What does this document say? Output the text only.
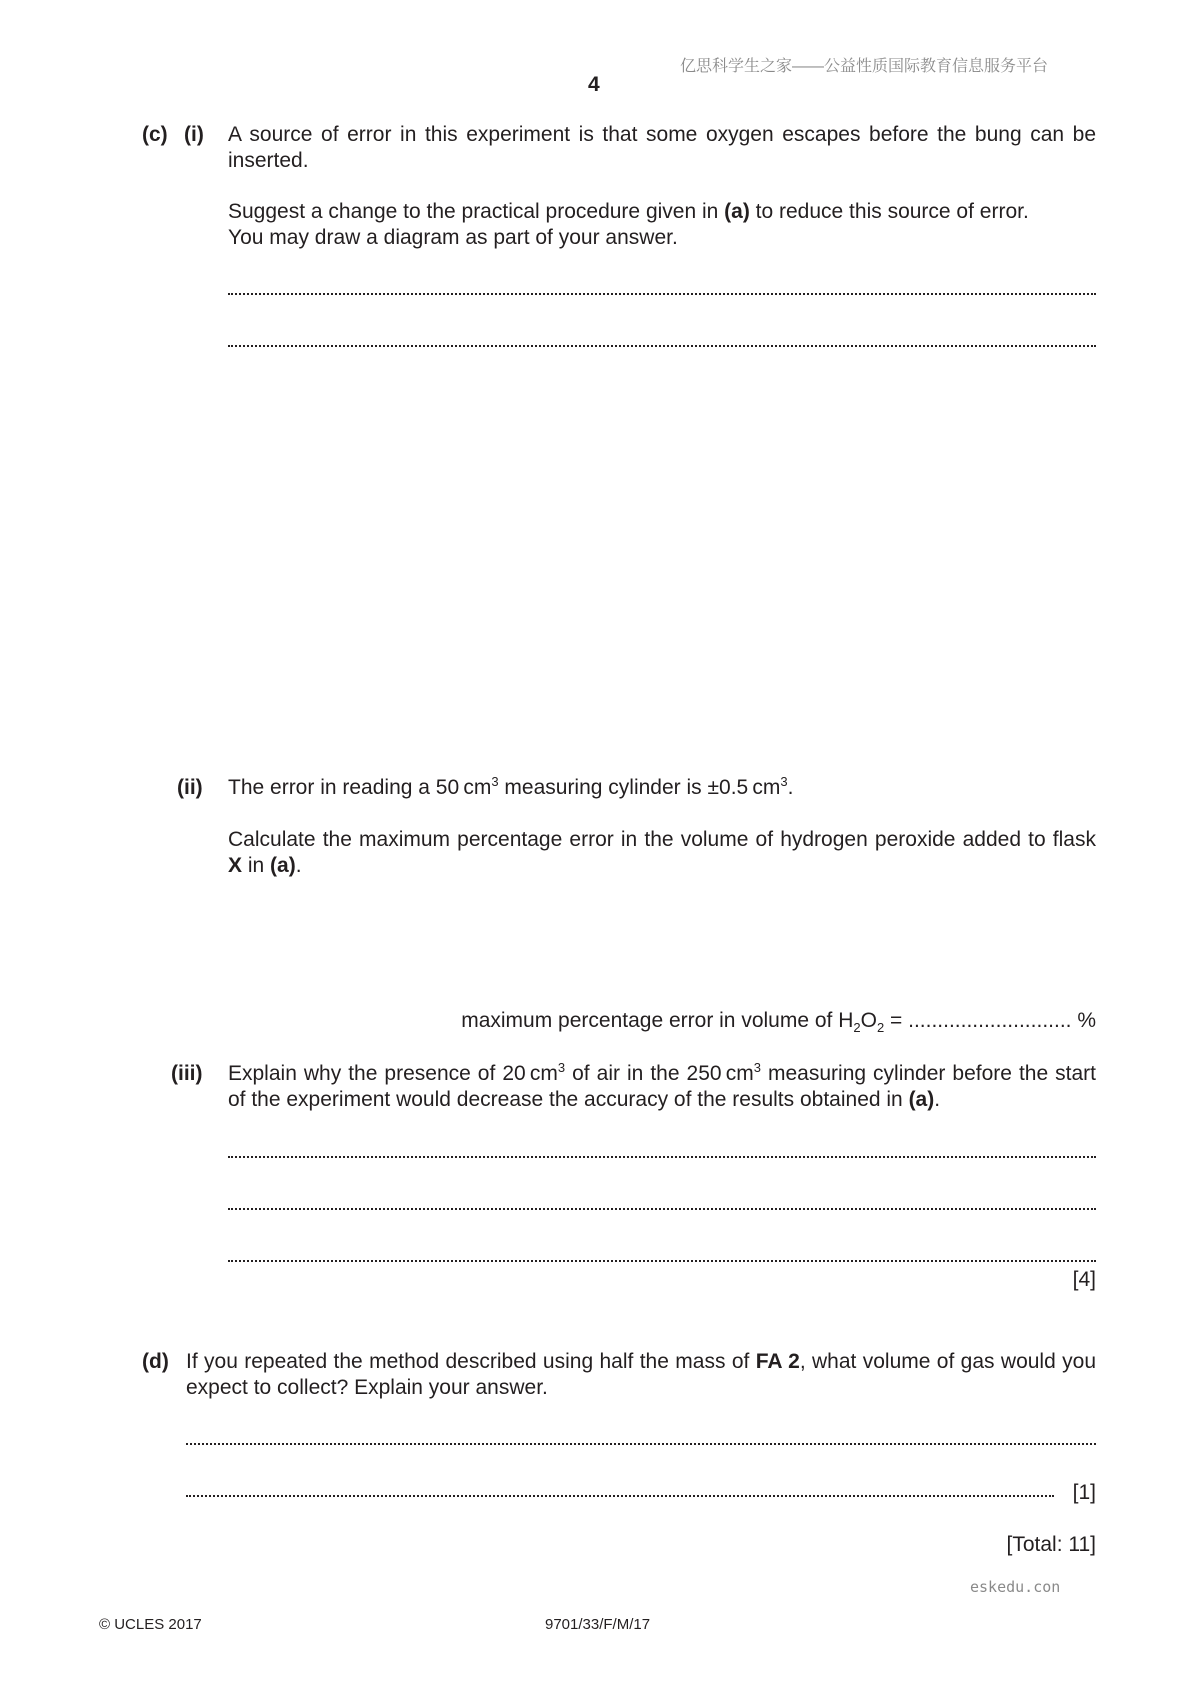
亿思科学生之家——公益性质国际教育信息服务平台
4
(c) (i) A source of error in this experiment is that some oxygen escapes before the bung can be inserted.
Suggest a change to the practical procedure given in (a) to reduce this source of error.
You may draw a diagram as part of your answer.
(ii) The error in reading a 50 $cm^3$ measuring cylinder is ±0.5 $cm^3$.
Calculate the maximum percentage error in the volume of hydrogen peroxide added to flask X in (a).
maximum percentage error in volume of $H_2O_2$ = ............................ %
(iii) Explain why the presence of 20 $cm^3$ of air in the 250 $cm^3$ measuring cylinder before the start of the experiment would decrease the accuracy of the results obtained in (a).
[4]
(d) If you repeated the method described using half the mass of FA 2, what volume of gas would you expect to collect? Explain your answer.
[1]
[Total: 11]
eskedu.con
© UCLES 2017	9701/33/F/M/17
